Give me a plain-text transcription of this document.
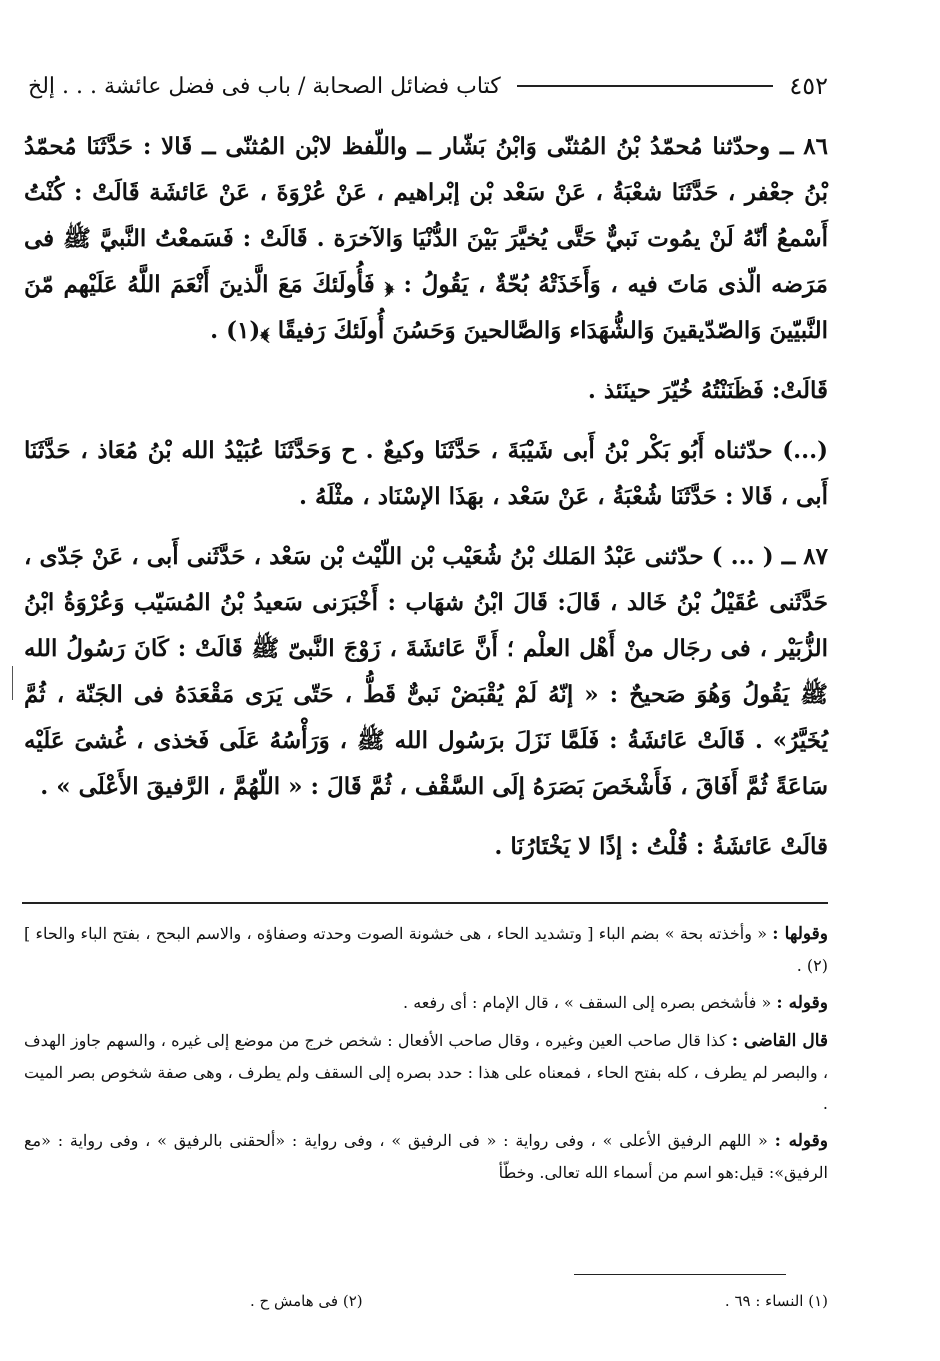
٤٥٢
كتاب فضائل الصحابة / باب فى فضل عائشة . . . إلخ

٨٦ ــ وحدّثنا مُحمّدُ بْنُ المُثنّى وَابْنُ بَشّار ــ واللّفظ لابْن المُثنّى ــ قَالا : حَدَّثَنَا مُحمّدُ بْنُ جعْفر ، حَدَّثَنَا شعْبَةُ ، عَنْ سَعْد بْن إبْراهيم ، عَنْ عُرْوَةَ ، عَنْ عَائشَة قَالَتْ : كُنْتُ أَسْمعُ أنّهُ لَنْ يمُوت نَبيٌّ حَتَّى يُخيَّرَ بَيْنَ الدُّنْيَا وَالآخرَة . قَالَتْ : فَسَمعْتُ النَّبيَّ ﷺ فى مَرَضه الّذى مَاتَ فيه ، وَأَخَذَتْهُ بُحّةٌ ، يَقُولُ : ﴿ فَأُولَئكَ مَعَ الَّذينَ أَنْعَمَ اللَّهُ عَلَيْهم مّنَ النَّبيّينَ وَالصّدّيقينَ وَالشُّهَدَاء وَالصَّالحينَ وَحَسُنَ أُولَئكَ رَفيقًا ﴾(١) .

قَالَتْ: فَظَنَنْتُهُ خُيّرَ حينَئذ .

(...) حدّثناه أَبُو بَكْر بْنُ أَبى شَيْبَةَ ، حَدَّثَنَا وكيعٌ . ح وَحَدَّثَنَا عُبَيْدُ الله بْنُ مُعَاذ ، حَدَّثَنَا أَبى ، قَالا : حَدَّثَنَا شُعْبَةُ ، عَنْ سَعْد ، بهَذَا الإسْنَاد ، مثْلَهُ .

٨٧ ــ ( ... ) حدّثنى عَبْدُ المَلك بْنُ شُعَيْب بْن اللّيْث بْن سَعْد ، حَدَّثَنى أَبى ، عَنْ جَدّى ، حَدَّثَنى عُقَيْلُ بْنُ خَالد ، قَالَ: قَالَ ابْنُ شهَاب : أَخْبَرَنى سَعيدُ بْنُ المُسَيّب وَعُرْوَةُ ابْنُ الزُّبَيْر ، فى رجَال منْ أَهْل العلْم ؛ أَنَّ عَائشَةَ ، زَوْجَ النَّبىّ ﷺ قَالَتْ : كَانَ رَسُولُ الله ﷺ يَقُولُ وَهُوَ صَحيحٌ : « إنّهُ لَمْ يُقْبَضْ نَبىٌّ قَطُّ ، حَتّى يَرَى مَقْعَدَهُ فى الجَنّة ، ثُمَّ يُخَيَّرُ» . قَالَتْ عَائشَةُ : فَلَمَّا نَزَلَ برَسُول الله ﷺ ، وَرَأْسُهُ عَلَى فَخذى ، غُشىَ عَلَيْه سَاعَةً ثُمَّ أَفَاقَ ، فَأَشْخَصَ بَصَرَهُ إلَى السَّقْف ، ثُمَّ قَالَ : « اللّهُمَّ ، الرَّفيقَ الأَعْلَى » .

قالَتْ عَائشَةُ : قُلْتُ : إذًا لا يَخْتَارُنَا .

وقولها : « وأخذته بحة » بضم الباء [ وتشديد الحاء ، هى خشونة الصوت وحدته وصفاؤه ، والاسم البحح ، بفتح الباء والحاء ] (٢) .

وقوله : « فأشخص بصره إلى السقف » ، قال الإمام : أى رفعه .

قال القاضى : كذا قال صاحب العين وغيره ، وقال صاحب الأفعال : شخص خرج من موضع إلى غيره ، والسهم جاوز الهدف ، والبصر لم يطرف ، كله بفتح الحاء ، فمعناه على هذا : حدد بصره إلى السقف ولم يطرف ، وهى صفة شخوص بصر الميت .

وقوله : « اللهم الرفيق الأعلى » ، وفى رواية : « فى الرفيق » ، وفى رواية : «ألحقنى بالرفيق » ، وفى رواية : «مع الرفيق»: قيل:هو اسم من أسماء الله تعالى. وخطّأ

(١) النساء : ٦٩ .
(٢) فى هامش ح .
